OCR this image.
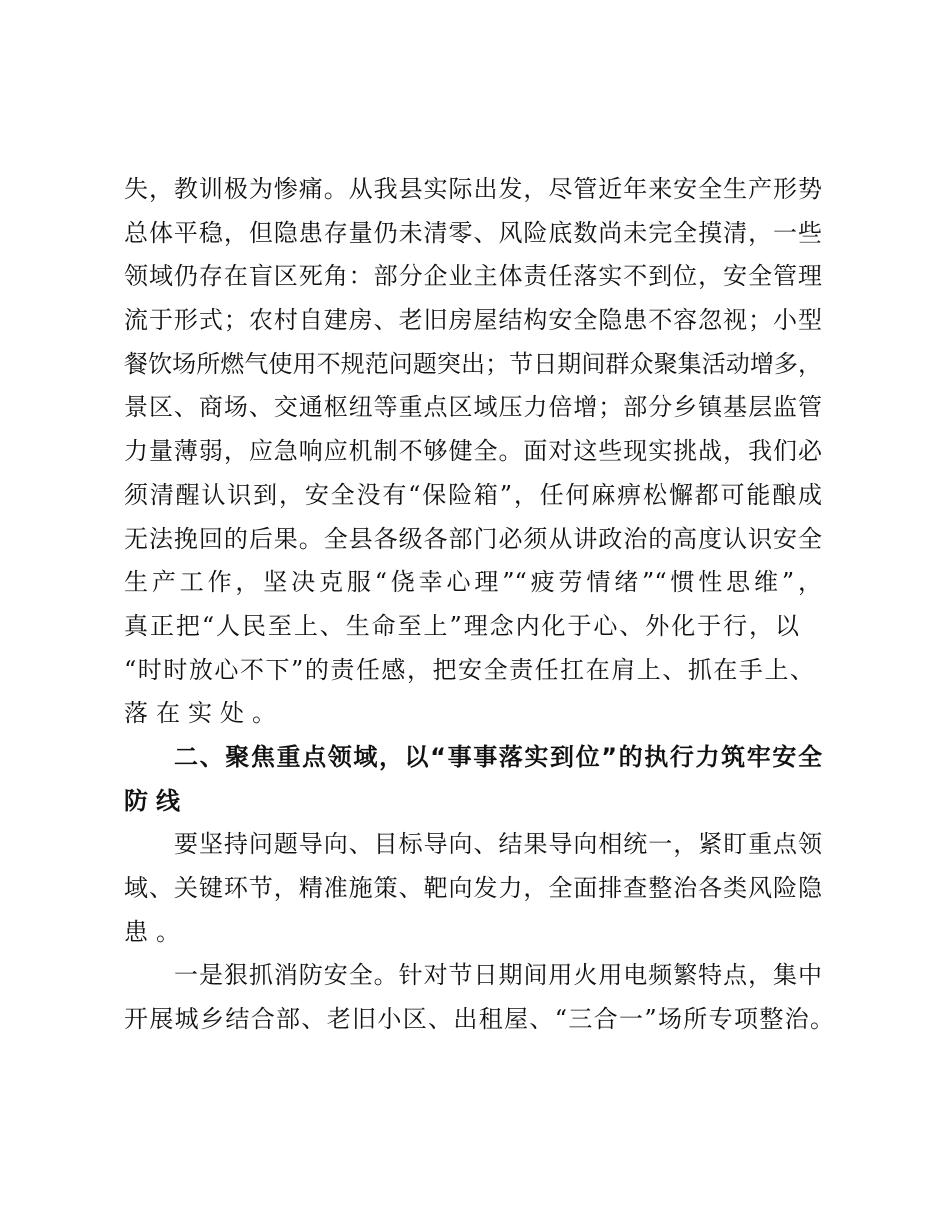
失，教训极为惨痛。从我县实际出发，尽管近年来安全生产形势
总体平稳，但隐患存量仍未清零、风险底数尚未完全摸清，一些
领域仍存在盲区死角：部分企业主体责任落实不到位，安全管理
流于形式；农村自建房、老旧房屋结构安全隐患不容忽视；小型
餐饮场所燃气使用不规范问题突出；节日期间群众聚集活动增多，
景区、商场、交通枢纽等重点区域压力倍增；部分乡镇基层监管
力量薄弱，应急响应机制不够健全。面对这些现实挑战，我们必
须清醒认识到，安全没有“保险箱”，任何麻痹松懈都可能酿成
无法挽回的后果。全县各级各部门必须从讲政治的高度认识安全
生产工作，坚决克服“侥幸心理”“疲劳情绪”“惯性思维”，
真正把“人民至上、生命至上”理念内化于心、外化于行，以
“时时放心不下”的责任感，把安全责任扛在肩上、抓在手上、
落在实处。
二、聚焦重点领域，以“事事落实到位”的执行力筑牢安全
防线
要坚持问题导向、目标导向、结果导向相统一，紧盯重点领
域、关键环节，精准施策、靶向发力，全面排查整治各类风险隐
患。
一是狠抓消防安全。针对节日期间用火用电频繁特点，集中
开展城乡结合部、老旧小区、出租屋、“三合一”场所专项整治。
